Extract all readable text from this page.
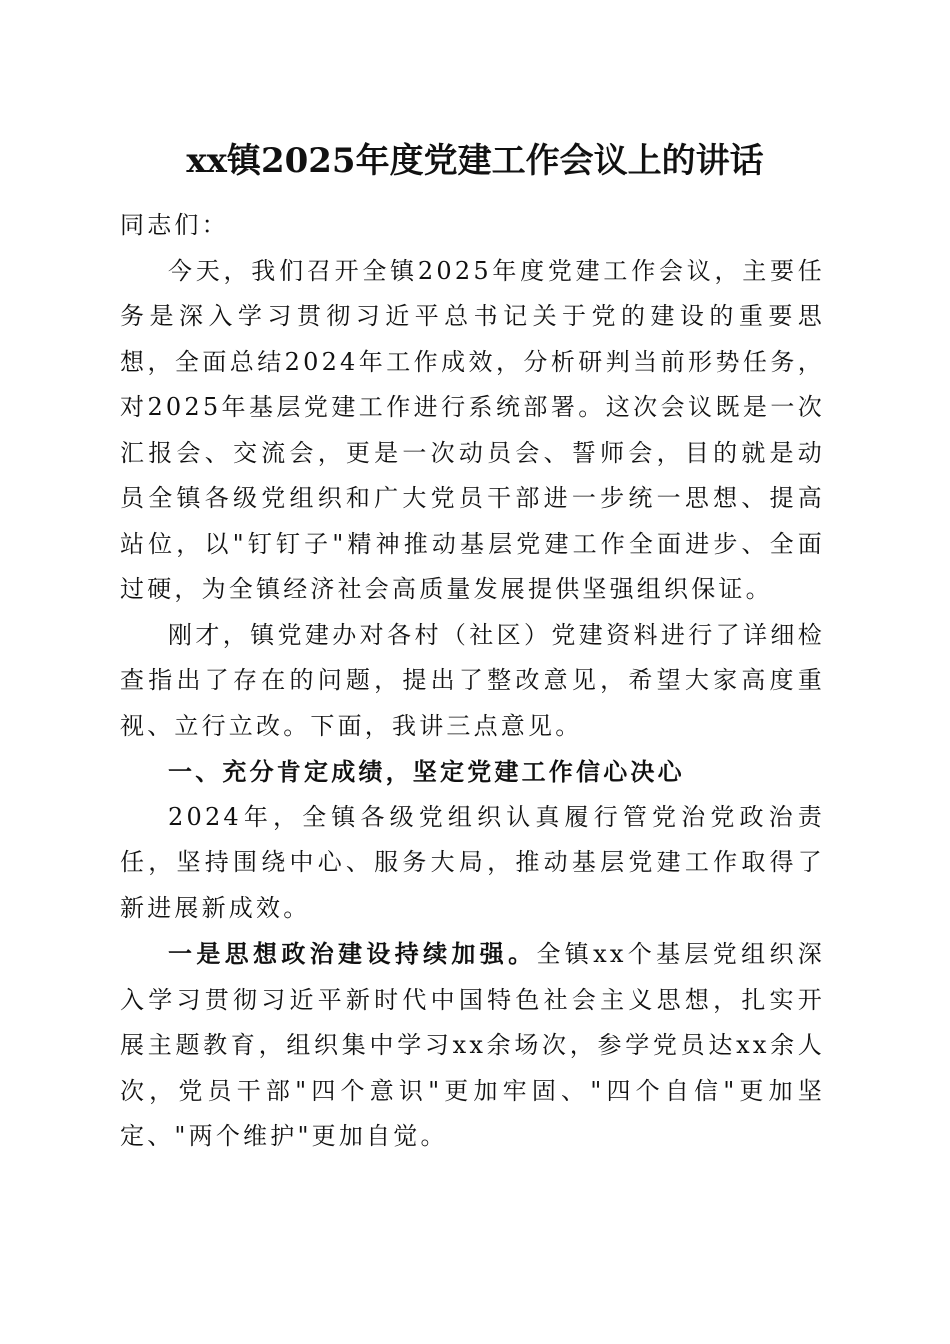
xx镇2025年度党建工作会议上的讲话

同志们：

今天，我们召开全镇2025年度党建工作会议，主要任务是深入学习贯彻习近平总书记关于党的建设的重要思想，全面总结2024年工作成效，分析研判当前形势任务，对2025年基层党建工作进行系统部署。这次会议既是一次汇报会、交流会，更是一次动员会、誓师会，目的就是动员全镇各级党组织和广大党员干部进一步统一思想、提高站位，以"钉钉子"精神推动基层党建工作全面进步、全面过硬，为全镇经济社会高质量发展提供坚强组织保证。

刚才，镇党建办对各村（社区）党建资料进行了详细检查指出了存在的问题，提出了整改意见，希望大家高度重视、立行立改。下面，我讲三点意见。

一、充分肯定成绩，坚定党建工作信心决心

2024年，全镇各级党组织认真履行管党治党政治责任，坚持围绕中心、服务大局，推动基层党建工作取得了新进展新成效。

一是思想政治建设持续加强。全镇xx个基层党组织深入学习贯彻习近平新时代中国特色社会主义思想，扎实开展主题教育，组织集中学习xx余场次，参学党员达xx余人次，党员干部"四个意识"更加牢固、"四个自信"更加坚定、"两个维护"更加自觉。
